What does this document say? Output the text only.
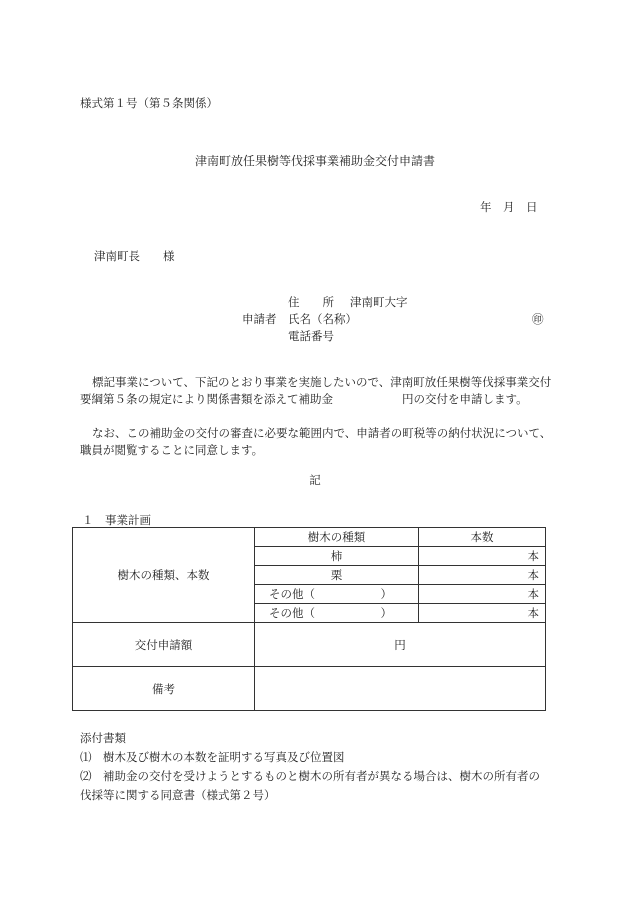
様式第１号（第５条関係）
津南町放任果樹等伐採事業補助金交付申請書
年　月　日
津南町長　　様
住　　所 津南町大字
申請者 氏名（名称）	㊞
電話番号
標記事業について、下記のとおり事業を実施したいので、津南町放任果樹等伐採事業交付要綱第５条の規定により関係書類を添えて補助金　　　　　　円の交付を申請します。
なお、この補助金の交付の審査に必要な範囲内で、申請者の町税等の納付状況について、 職員が閲覧することに同意します。
記
１　事業計画
樹木の種類、本数	樹木の種類	本数
	柿	本
	栗	本

	その他（ ）	本

	その他（ ）	本
交付申請額	円	
備考		
添付書類
⑴　樹木及び樹木の本数を証明する写真及び位置図
⑵　補助金の交付を受けようとするものと樹木の所有者が異なる場合は、樹木の所有者の
伐採等に関する同意書（様式第２号）
